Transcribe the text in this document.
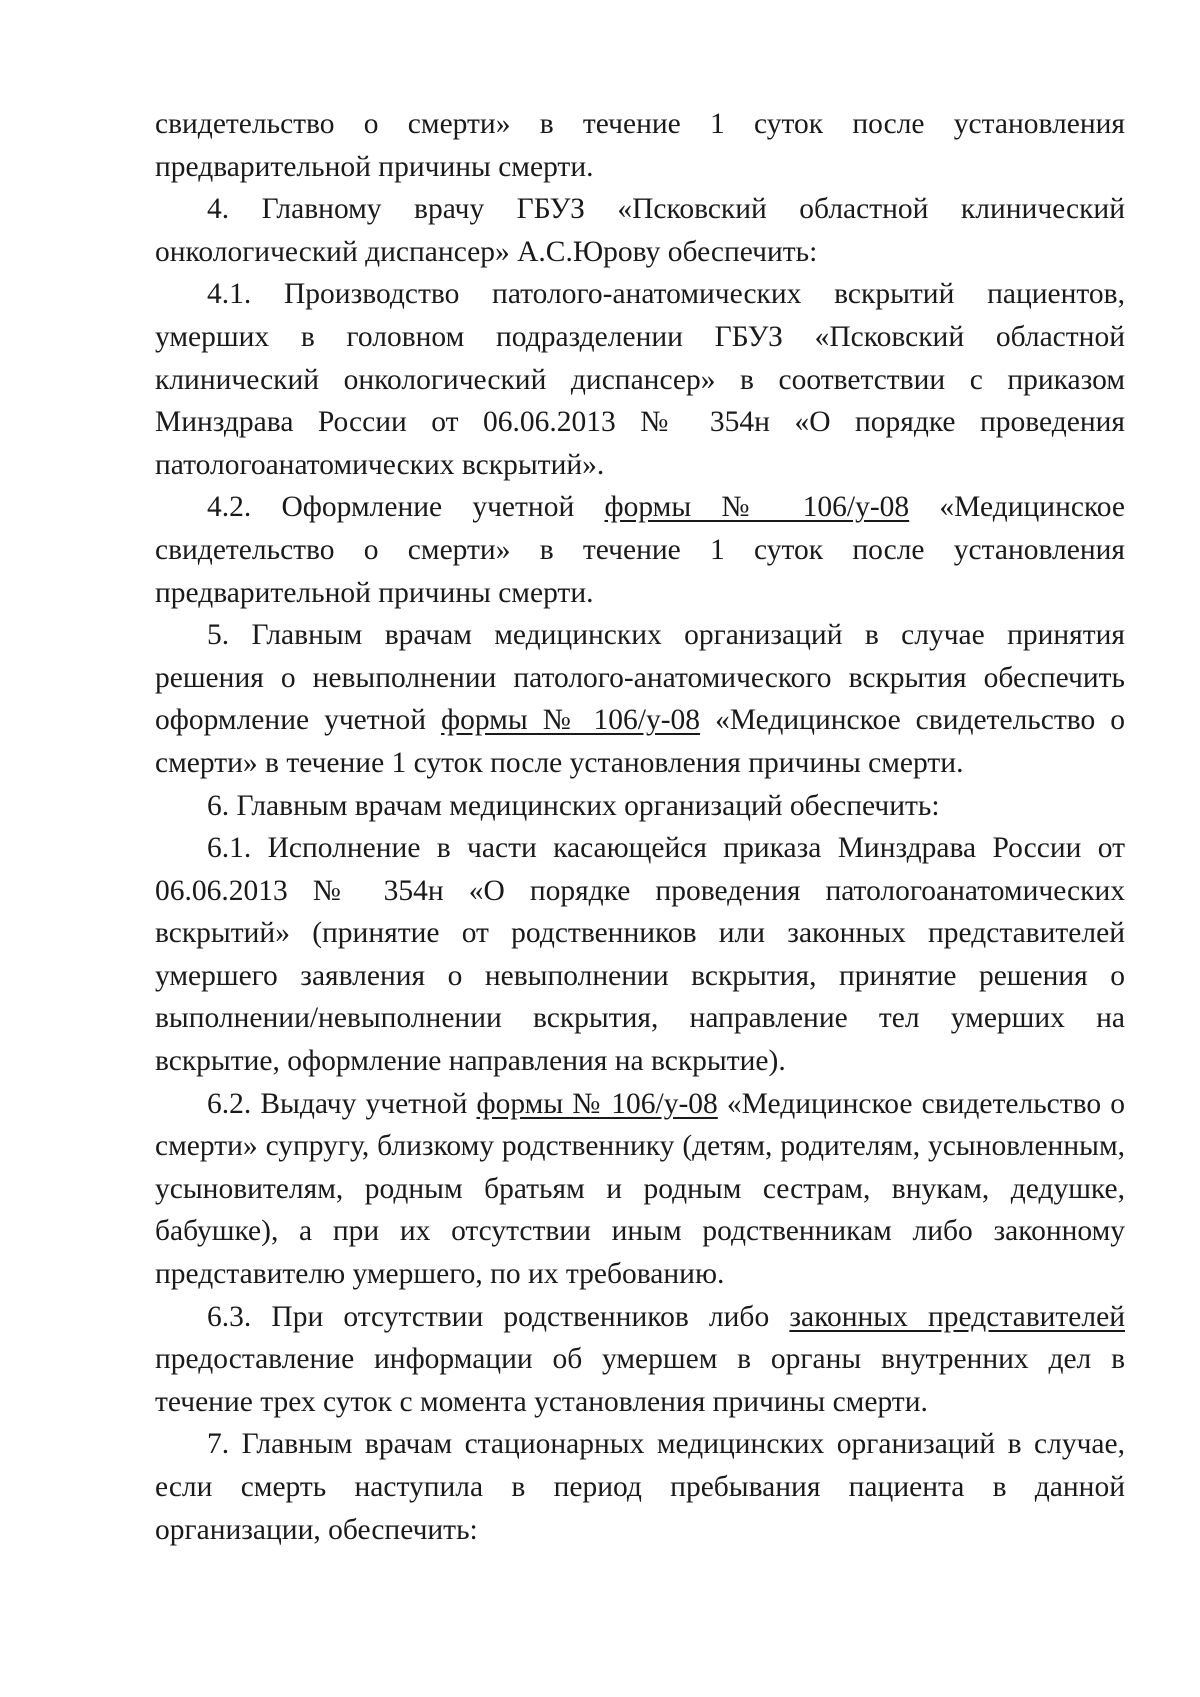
свидетельство о смерти» в течение 1 суток после установления предварительной причины смерти.

4. Главному врачу ГБУЗ «Псковский областной клинический онкологический диспансер» А.С.Юрову обеспечить:

4.1. Производство патолого-анатомических вскрытий пациентов, умерших в головном подразделении ГБУЗ «Псковский областной клинический онкологический диспансер» в соответствии с приказом Минздрава России от 06.06.2013 № 354н «О порядке проведения патологоанатомических вскрытий».

4.2. Оформление учетной формы № 106/у-08 «Медицинское свидетельство о смерти» в течение 1 суток после установления предварительной причины смерти.

5. Главным врачам медицинских организаций в случае принятия решения о невыполнении патолого-анатомического вскрытия обеспечить оформление учетной формы № 106/у-08 «Медицинское свидетельство о смерти» в течение 1 суток после установления причины смерти.

6. Главным врачам медицинских организаций обеспечить:

6.1. Исполнение в части касающейся приказа Минздрава России от 06.06.2013 № 354н «О порядке проведения патологоанатомических вскрытий» (принятие от родственников или законных представителей умершего заявления о невыполнении вскрытия, принятие решения о выполнении/невыполнении вскрытия, направление тел умерших на вскрытие, оформление направления на вскрытие).

6.2. Выдачу учетной формы № 106/у-08 «Медицинское свидетельство о смерти» супругу, близкому родственнику (детям, родителям, усыновленным, усыновителям, родным братьям и родным сестрам, внукам, дедушке, бабушке), а при их отсутствии иным родственникам либо законному представителю умершего, по их требованию.

6.3. При отсутствии родственников либо законных представителей предоставление информации об умершем в органы внутренних дел в течение трех суток с момента установления причины смерти.

7. Главным врачам стационарных медицинских организаций в случае, если смерть наступила в период пребывания пациента в данной организации, обеспечить:
